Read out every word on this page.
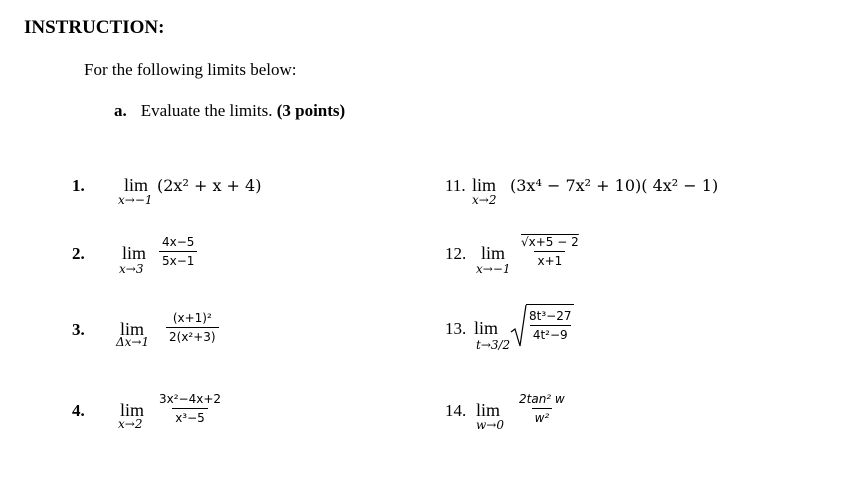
INSTRUCTION:
For the following limits below:
a. Evaluate the limits. (3 points)
1. lim
x→−1
(2x² + x + 4)
2. lim
x→3
$\frac{4x-5}{5x-1}$
3. lim
$\Delta x\to 1 \frac{\text{(x+1)²}}{\text{2(x²+3)}}$
4. lim
$x\to 2 \frac{\text{3x²−4x+2}}{\text{x³−5}}$
11. lim
x→2
(3x⁴ − 7x² + 10)( 4x² − 1)
12. lim
x→−1
$\frac{√x+5 - 2}{x+1}$
13. lim
t→3/2
$\frac{\text{8t³−27}}{\text{4t²−9}}$
14. lim
$w\to 0 \frac{\text{2tan² w}}{\text{w²}}$
